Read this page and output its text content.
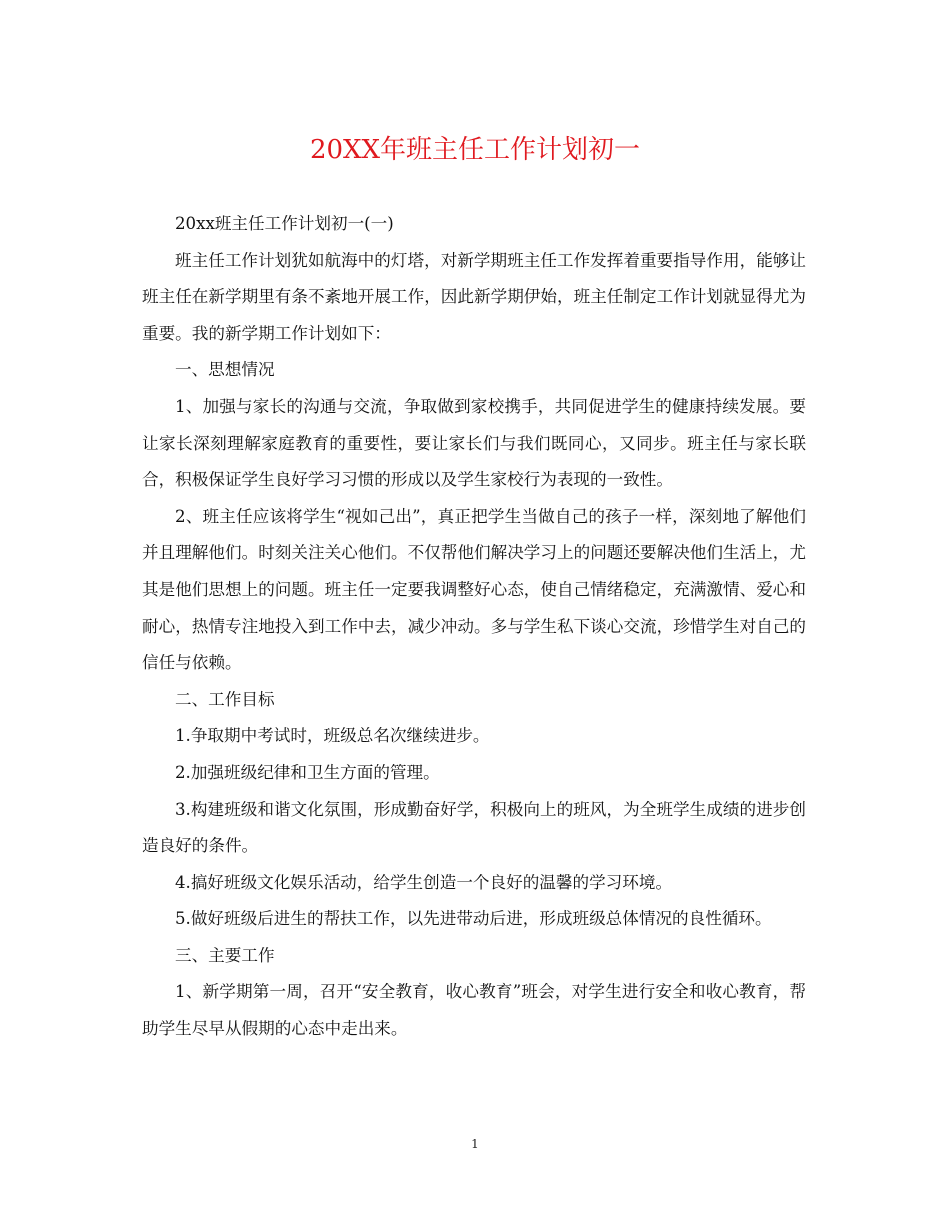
20XX年班主任工作计划初一

20xx班主任工作计划初一(一)

班主任工作计划犹如航海中的灯塔，对新学期班主任工作发挥着重要指导作用，能够让班主任在新学期里有条不紊地开展工作，因此新学期伊始，班主任制定工作计划就显得尤为重要。我的新学期工作计划如下：

一、思想情况

1、加强与家长的沟通与交流，争取做到家校携手，共同促进学生的健康持续发展。要让家长深刻理解家庭教育的重要性，要让家长们与我们既同心，又同步。班主任与家长联合，积极保证学生良好学习习惯的形成以及学生家校行为表现的一致性。

2、班主任应该将学生“视如己出”，真正把学生当做自己的孩子一样，深刻地了解他们并且理解他们。时刻关注关心他们。不仅帮他们解决学习上的问题还要解决他们生活上，尤其是他们思想上的问题。班主任一定要我调整好心态，使自己情绪稳定，充满激情、爱心和耐心，热情专注地投入到工作中去，减少冲动。多与学生私下谈心交流，珍惜学生对自己的信任与依赖。

二、工作目标

1.争取期中考试时，班级总名次继续进步。

2.加强班级纪律和卫生方面的管理。

3.构建班级和谐文化氛围，形成勤奋好学，积极向上的班风，为全班学生成绩的进步创造良好的条件。

4.搞好班级文化娱乐活动，给学生创造一个良好的温馨的学习环境。

5.做好班级后进生的帮扶工作，以先进带动后进，形成班级总体情况的良性循环。

三、主要工作

1、新学期第一周，召开“安全教育，收心教育”班会，对学生进行安全和收心教育，帮助学生尽早从假期的心态中走出来。

1
